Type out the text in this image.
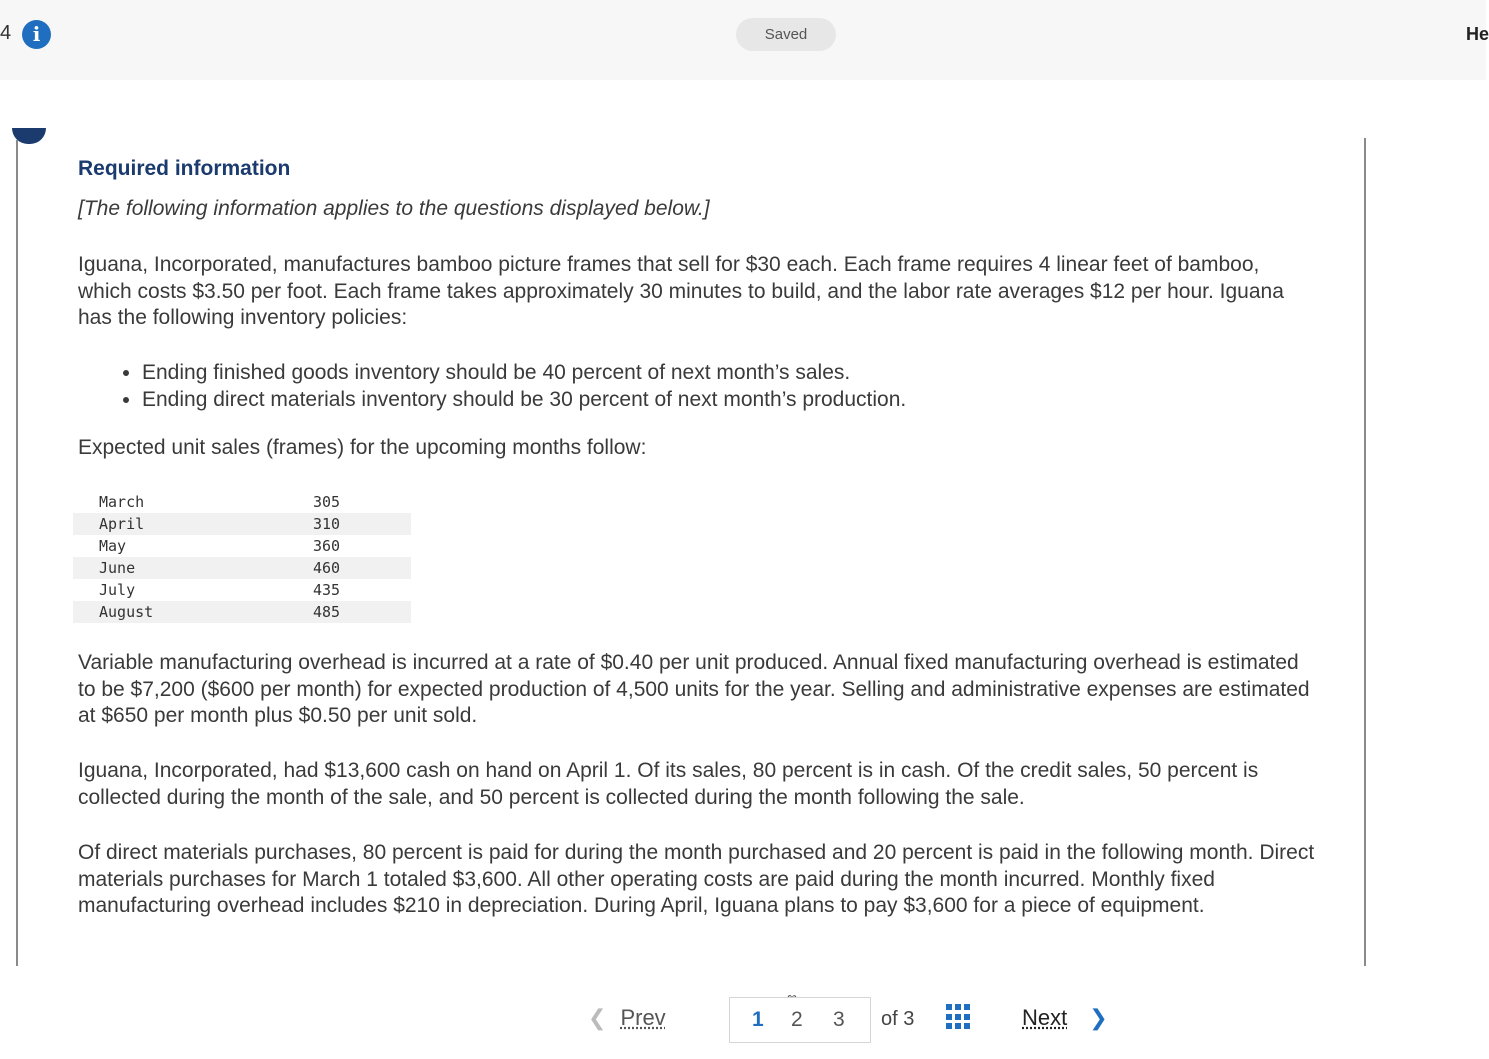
4	i	Saved	He
Required information
[The following information applies to the questions displayed below.]
Iguana, Incorporated, manufactures bamboo picture frames that sell for $30 each. Each frame requires 4 linear feet of bamboo, which costs $3.50 per foot. Each frame takes approximately 30 minutes to build, and the labor rate averages $12 per hour. Iguana has the following inventory policies:
• Ending finished goods inventory should be 40 percent of next month’s sales.
• Ending direct materials inventory should be 30 percent of next month’s production.
Expected unit sales (frames) for the upcoming months follow:
March	305
April	310
May	360
June	460
July	435
August	485
Variable manufacturing overhead is incurred at a rate of $0.40 per unit produced. Annual fixed manufacturing overhead is estimated to be $7,200 ($600 per month) for expected production of 4,500 units for the year. Selling and administrative expenses are estimated at $650 per month plus $0.50 per unit sold.
Iguana, Incorporated, had $13,600 cash on hand on April 1. Of its sales, 80 percent is in cash. Of the credit sales, 50 percent is collected during the month of the sale, and 50 percent is collected during the month following the sale.
Of direct materials purchases, 80 percent is paid for during the month purchased and 20 percent is paid in the following month. Direct materials purchases for March 1 totaled $3,600. All other operating costs are paid during the month incurred. Monthly fixed manufacturing overhead includes $210 in depreciation. During April, Iguana plans to pay $3,600 for a piece of equipment.
❮ Prev	1 2 3 of 3	Next ❯
